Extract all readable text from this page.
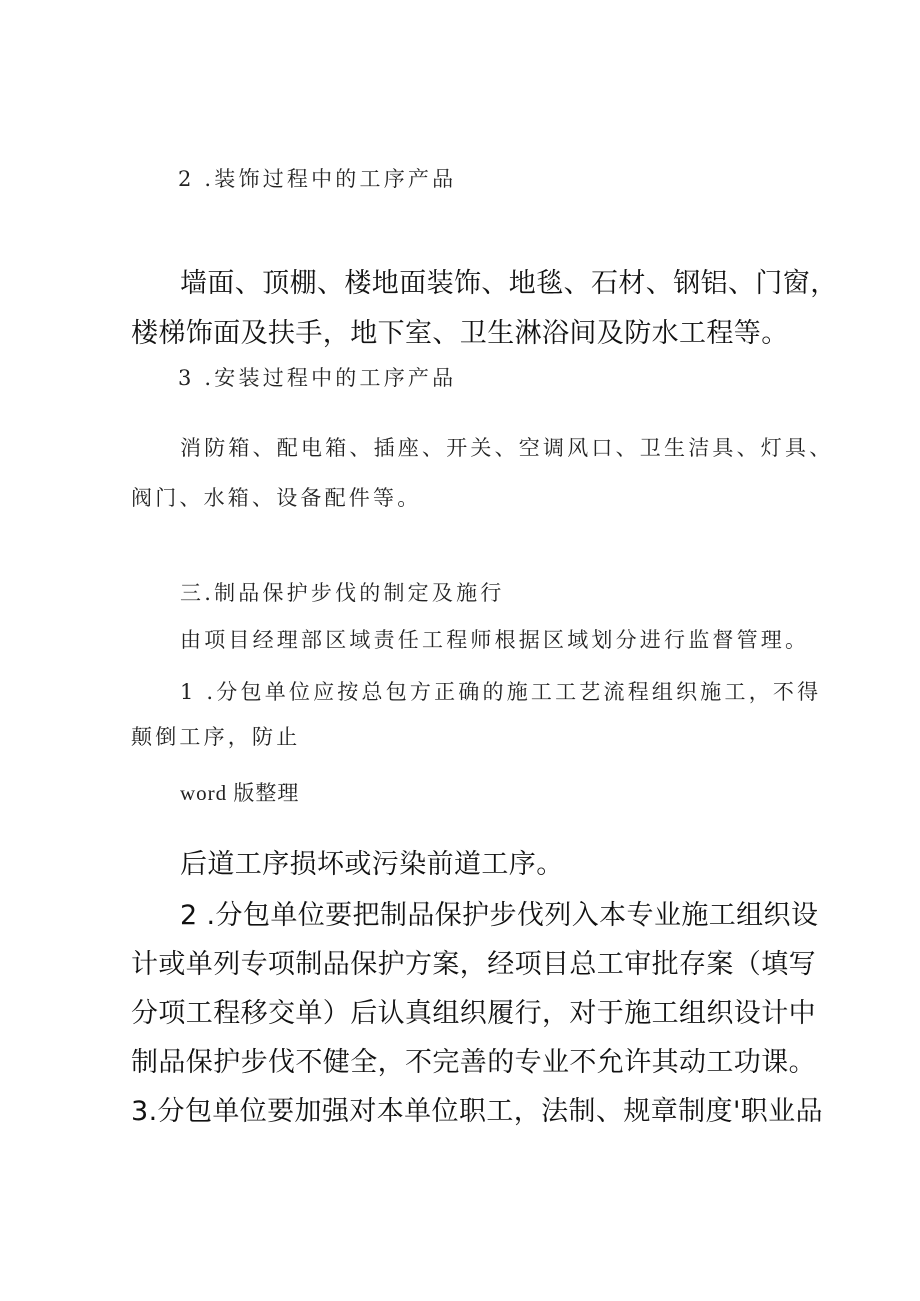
2 .装饰过程中的工序产品

墙面、顶棚、楼地面装饰、地毯、石材、钢铝、门窗，

楼梯饰面及扶手，地下室、卫生淋浴间及防水工程等。

3 .安装过程中的工序产品

消防箱、配电箱、插座、开关、空调风口、卫生洁具、灯具、

阀门、水箱、设备配件等。

三.制品保护步伐的制定及施行

由项目经理部区域责任工程师根据区域划分进行监督管理。

1 .分包单位应按总包方正确的施工工艺流程组织施工，不得

颠倒工序，防止

word 版整理

后道工序损坏或污染前道工序。

2 .分包单位要把制品保护步伐列入本专业施工组织设

计或单列专项制品保护方案，经项目总工审批存案（填写

分项工程移交单）后认真组织履行，对于施工组织设计中

制品保护步伐不健全，不完善的专业不允许其动工功课。

3.分包单位要加强对本单位职工，法制、规章制度'职业品
